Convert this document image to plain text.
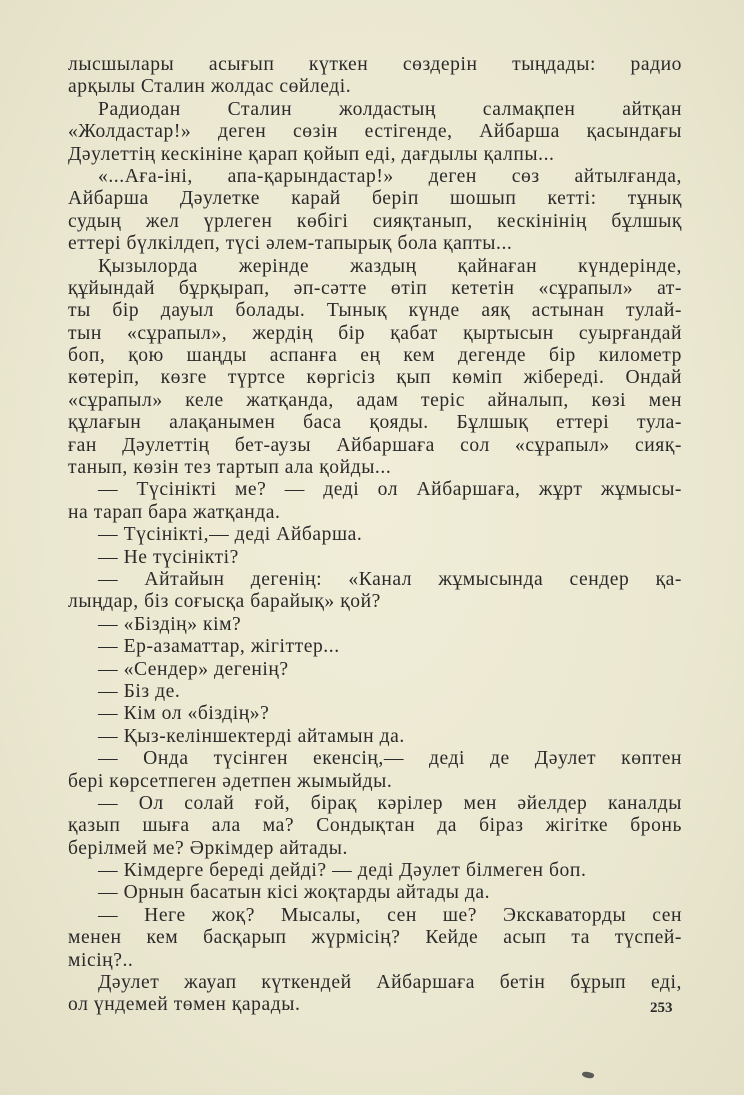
лысшылары асығып күткен сөздерін тыңдады: радио
арқылы Сталин жолдас сөйледі.
Радиодан Сталин жолдастың салмақпен айтқан
«Жолдастар!» деген сөзін естігенде, Айбарша қасындағы
Дәулеттің кескініне қарап қойып еді, дағдылы қалпы...
«...Аға-іні, апа-қарындастар!» деген сөз айтылғанда,
Айбарша Дәулетке карай беріп шошып кетті: тұнық
судың жел үрлеген көбігі сияқтанып, кескінінің бұлшық
еттері бүлкілдеп, түсі әлем-тапырық бола қапты...
Қызылорда жерінде жаздың қайнаған күндерінде,
құйындай бұрқырап, әп-сәтте өтіп кететін «сұрапыл» ат-
ты бір дауыл болады. Тынық күнде аяқ астынан тулай-
тын «сұрапыл», жердің бір қабат қыртысын суырғандай
боп, қою шаңды аспанға ең кем дегенде бір километр
көтеріп, көзге түртсе көргісіз қып көміп жібереді. Ондай
«сұрапыл» келе жатқанда, адам теріс айналып, көзі мен
құлағын алақанымен баса қояды. Бұлшық еттері тула-
ған Дәулеттің бет-аузы Айбаршаға сол «сұрапыл» сияқ-
танып, көзін тез тартып ала қойды...
— Түсінікті ме? — деді ол Айбаршаға, жұрт жұмысы-
на тарап бара жатқанда.
— Түсінікті,— деді Айбарша.
— Не түсінікті?
— Айтайын дегенің: «Канал жұмысында сендер қа-
лыңдар, біз соғысқа барайық» қой?
— «Біздің» кім?
— Ер-азаматтар, жігіттер...
— «Сендер» дегенің?
— Біз де.
— Кім ол «біздің»?
— Қыз-келіншектерді айтамын да.
— Онда түсінген екенсің,— деді де Дәулет көптен
бері көрсетпеген әдетпен жымыйды.
— Ол солай ғой, бірақ кәрілер мен әйелдер каналды
қазып шыға ала ма? Сондықтан да біраз жігітке бронь
берілмей ме? Әркімдер айтады.
— Кімдерге береді дейді? — деді Дәулет білмеген боп.
— Орнын басатын кісі жоқтарды айтады да.
— Неге жоқ? Мысалы, сен ше? Экскаваторды сен
менен кем басқарып жүрмісің? Кейде асып та түспей-
місің?..
Дәулет жауап күткендей Айбаршаға бетін бұрып еді,
ол үндемей төмен қарады.	253
